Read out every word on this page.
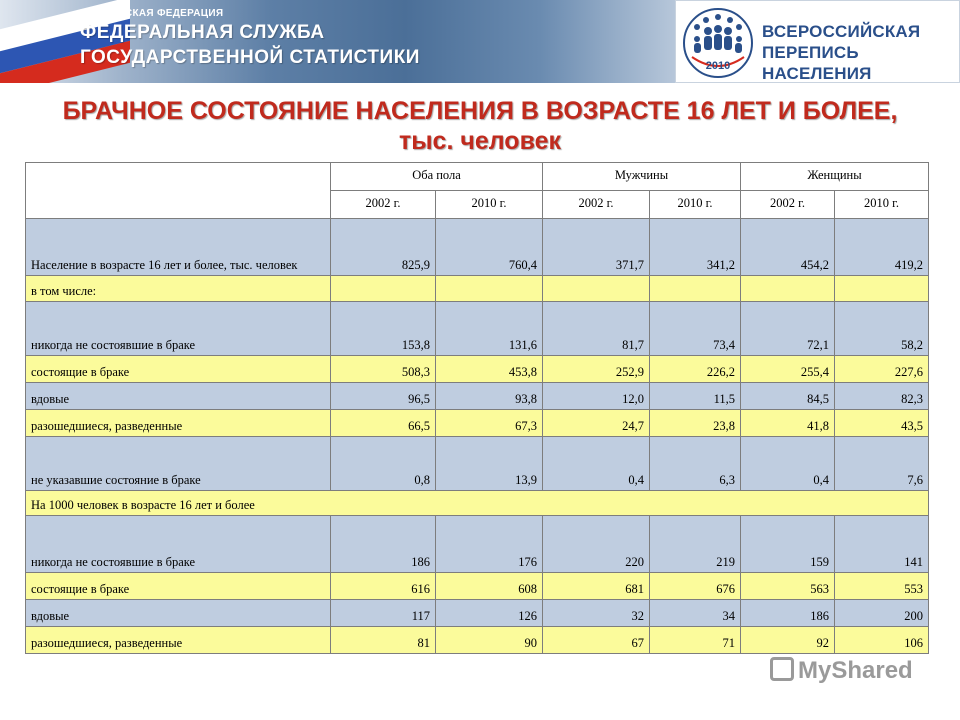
РОССИЙСКАЯ ФЕДЕРАЦИЯ
ФЕДЕРАЛЬНАЯ СЛУЖБА
ГОСУДАРСТВЕННОЙ СТАТИСТИКИ	2010
ВСЕРОССИЙСКАЯ
ПЕРЕПИСЬ НАСЕЛЕНИЯ
БРАЧНОЕ СОСТОЯНИЕ НАСЕЛЕНИЯ В ВОЗРАСТЕ 16 ЛЕТ И БОЛЕЕ,
тыс. человек
	Оба пола		Мужчины		Женщины	
	2002 г.	2010 г.	2002 г.	2010 г.	2002 г.	2010 г.
Население в возрасте 16 лет и более, тыс. человек	825,9	760,4	371,7	341,2	454,2	419,2
в том числе:						
никогда не состоявшие в браке	153,8	131,6	81,7	73,4	72,1	58,2
состоящие в браке	508,3	453,8	252,9	226,2	255,4	227,6
вдовые	96,5	93,8	12,0	11,5	84,5	82,3
разошедшиеся, разведенные	66,5	67,3	24,7	23,8	41,8	43,5
не указавшие состояние в браке	0,8	13,9	0,4	6,3	0,4	7,6
На 1000 человек в возрасте 16 лет и более						
никогда не состоявшие в браке	186	176	220	219	159	141
состоящие в браке	616	608	681	676	563	553
вдовые	117	126	32	34	186	200
разошедшиеся, разведенные	81	90	67	71	92	106
MyShared
